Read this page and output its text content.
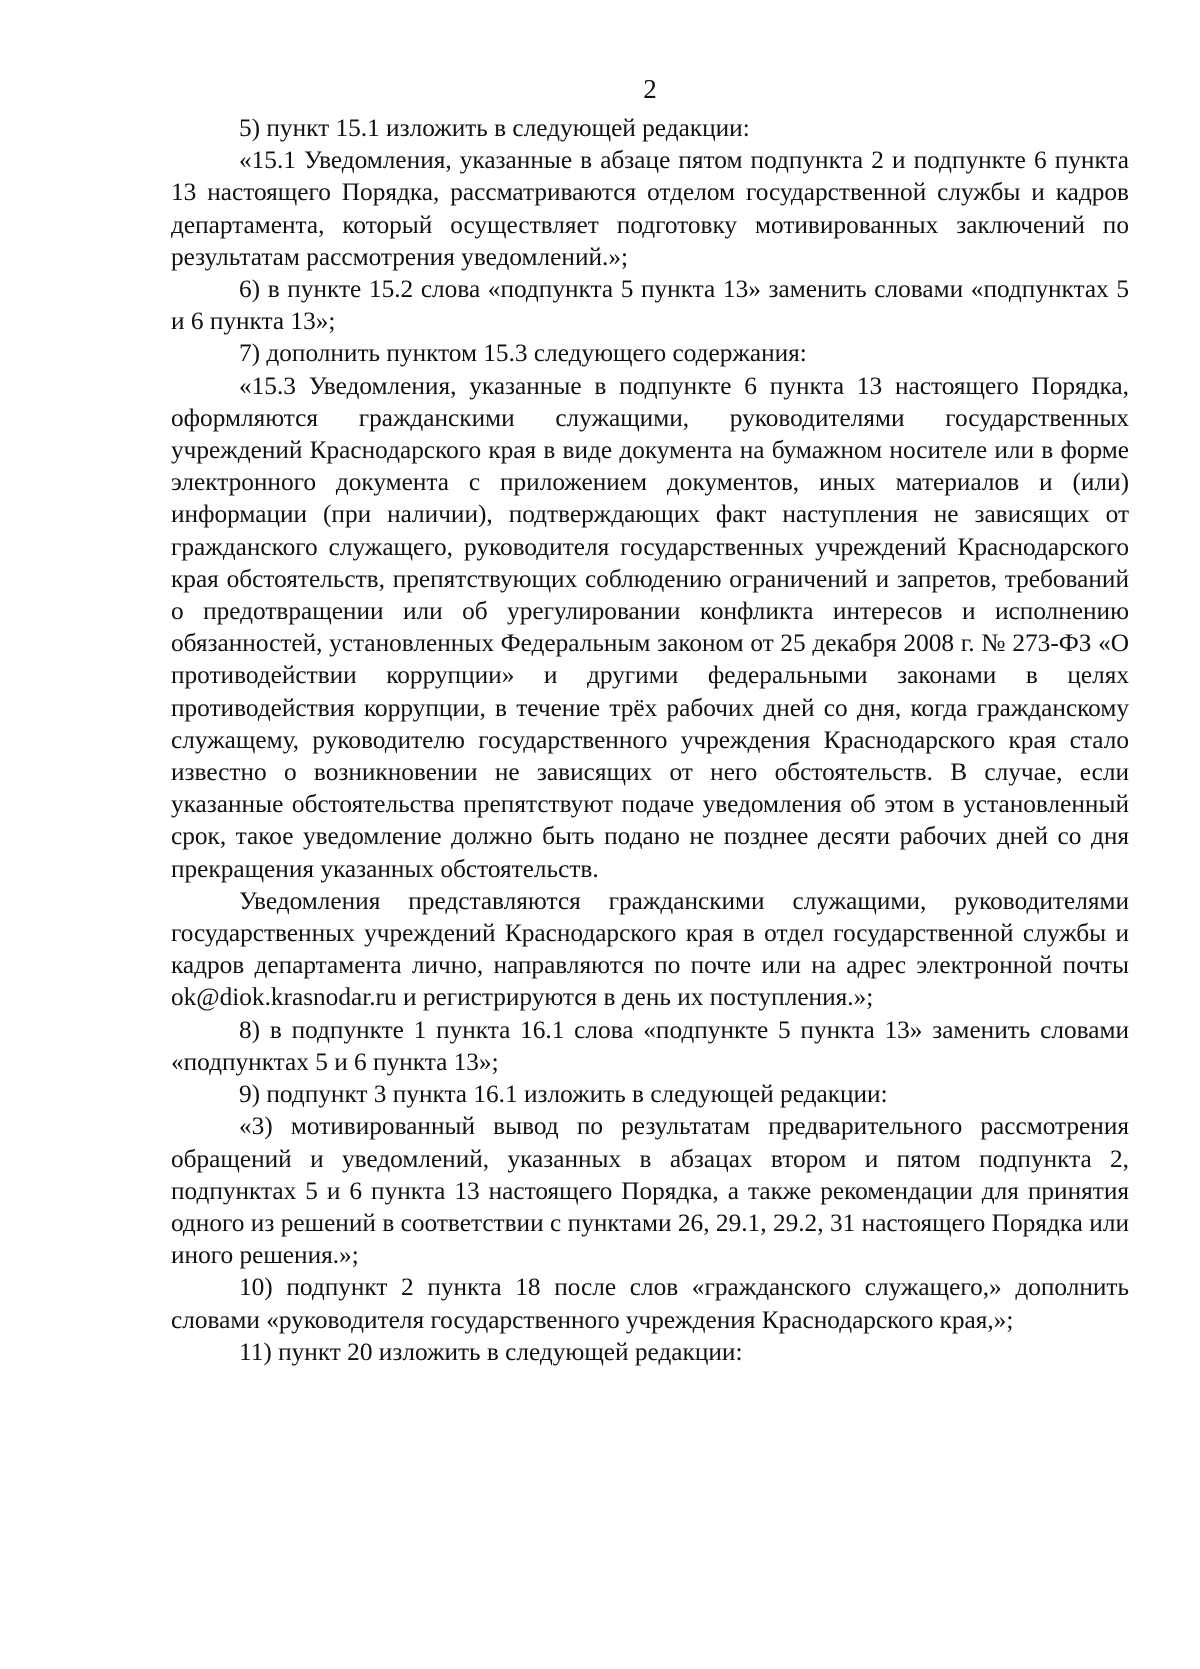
2

5) пункт 15.1 изложить в следующей редакции:

«15.1 Уведомления, указанные в абзаце пятом подпункта 2 и подпункте 6 пункта 13 настоящего Порядка, рассматриваются отделом государственной службы и кадров департамента, который осуществляет подготовку мотивированных заключений по результатам рассмотрения уведомлений.»;

6) в пункте 15.2 слова «подпункта 5 пункта 13» заменить словами «подпунктах 5 и 6 пункта 13»;

7) дополнить пунктом 15.3 следующего содержания:

«15.3 Уведомления, указанные в подпункте 6 пункта 13 настоящего Порядка, оформляются гражданскими служащими, руководителями государственных учреждений Краснодарского края в виде документа на бумажном носителе или в форме электронного документа с приложением документов, иных материалов и (или) информации (при наличии), подтверждающих факт наступления не зависящих от гражданского служащего, руководителя государственных учреждений Краснодарского края обстоятельств, препятствующих соблюдению ограничений и запретов, требований о предотвращении или об урегулировании конфликта интересов и исполнению обязанностей, установленных Федеральным законом от 25 декабря 2008 г. № 273-ФЗ «О противодействии коррупции» и другими федеральными законами в целях противодействия коррупции, в течение трёх рабочих дней со дня, когда гражданскому служащему, руководителю государственного учреждения Краснодарского края стало известно о возникновении не зависящих от него обстоятельств. В случае, если указанные обстоятельства препятствуют подаче уведомления об этом в установленный срок, такое уведомление должно быть подано не позднее десяти рабочих дней со дня прекращения указанных обстоятельств.

Уведомления представляются гражданскими служащими, руководителями государственных учреждений Краснодарского края в отдел государственной службы и кадров департамента лично, направляются по почте или на адрес электронной почты ok@diok.krasnodar.ru и регистрируются в день их поступления.»;

8) в подпункте 1 пункта 16.1 слова «подпункте 5 пункта 13» заменить словами «подпунктах 5 и 6 пункта 13»;

9) подпункт 3 пункта 16.1 изложить в следующей редакции:

«3) мотивированный вывод по результатам предварительного рассмотрения обращений и уведомлений, указанных в абзацах втором и пятом подпункта 2, подпунктах 5 и 6 пункта 13 настоящего Порядка, а также рекомендации для принятия одного из решений в соответствии с пунктами 26, 29.1, 29.2, 31 настоящего Порядка или иного решения.»;

10) подпункт 2 пункта 18 после слов «гражданского служащего,» дополнить словами «руководителя государственного учреждения Краснодарского края,»;

11) пункт 20 изложить в следующей редакции:
